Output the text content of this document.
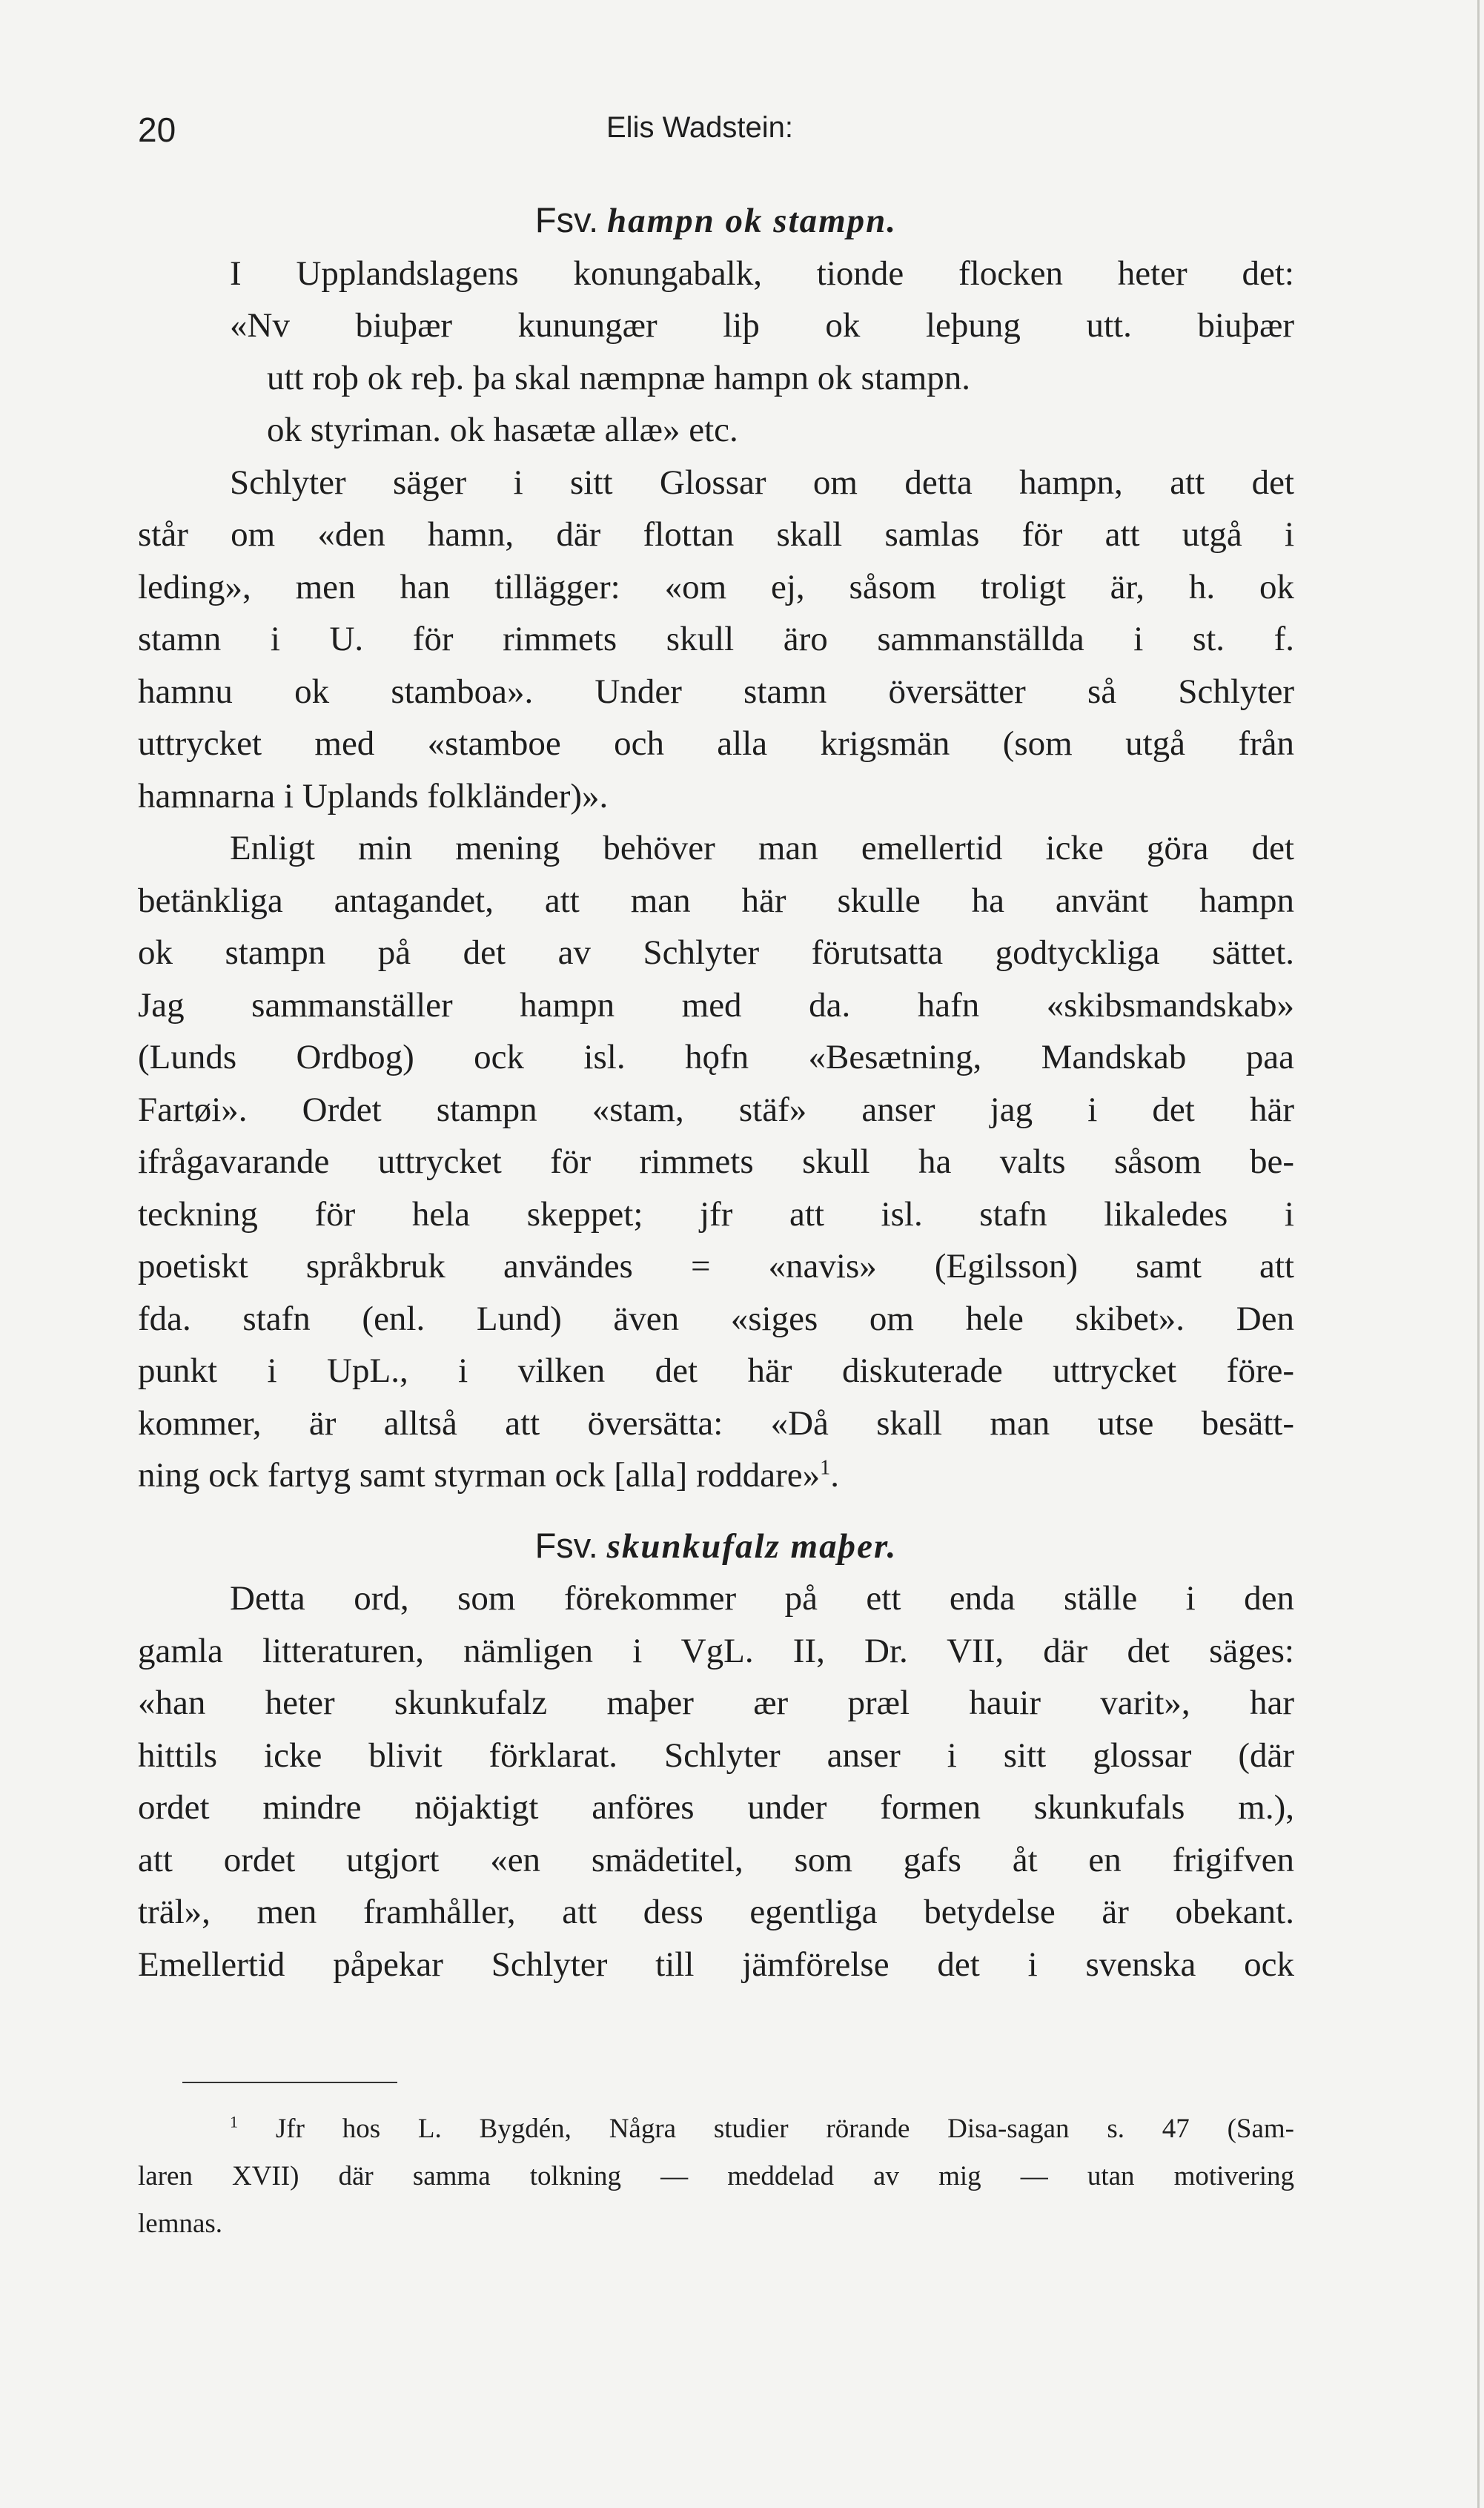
20	Elis Wadstein:

Fsv. hampn ok stampn.

I Upplandslagens konungabalk, tionde flocken heter det:
«Nv biuþær kunungær liþ ok leþung utt. biuþær
utt roþ ok reþ. þa skal næmpnæ hampn ok stampn.
ok styriman. ok hasætæ allæ» etc.
Schlyter säger i sitt Glossar om detta hampn, att det
står om «den hamn, där flottan skall samlas för att utgå i
leding», men han tillägger: «om ej, såsom troligt är, h. ok
stamn i U. för rimmets skull äro sammanställda i st. f.
hamnu ok stamboa». Under stamn översätter så Schlyter
uttrycket med «stamboe och alla krigsmän (som utgå från
hamnarna i Uplands folkländer)».
Enligt min mening behöver man emellertid icke göra det
betänkliga antagandet, att man här skulle ha använt hampn
ok stampn på det av Schlyter förutsatta godtyckliga sättet.
Jag sammanställer hampn med da. hafn «skibsmandskab»
(Lunds Ordbog) ock isl. hǫfn «Besætning, Mandskab paa
Fartøi». Ordet stampn «stam, stäf» anser jag i det här
ifrågavarande uttrycket för rimmets skull ha valts såsom be-
teckning för hela skeppet; jfr att isl. stafn likaledes i
poetiskt språkbruk användes = «navis» (Egilsson) samt att
fda. stafn (enl. Lund) även «siges om hele skibet». Den
punkt i UpL., i vilken det här diskuterade uttrycket före-
kommer, är alltså att översätta: «Då skall man utse besätt-
ning ock fartyg samt styrman ock [alla] roddare»$^1$.

Fsv. skunkufalz maþer.

Detta ord, som förekommer på ett enda ställe i den
gamla litteraturen, nämligen i VgL. II, Dr. VII, där det säges:
«han heter skunkufalz maþer ær præl hauir varit», har
hittils icke blivit förklarat. Schlyter anser i sitt glossar (där
ordet mindre nöjaktigt anföres under formen skunkufals m.),
att ordet utgjort «en smädetitel, som gafs åt en frigifven
träl», men framhåller, att dess egentliga betydelse är obekant.
Emellertid påpekar Schlyter till jämförelse det i svenska ock
$^1$ Jfr hos L. Bygdén, Några studier rörande Disa-sagan s. 47 (Sam-
laren XVII) där samma tolkning — meddelad av mig — utan motivering
lemnas.
